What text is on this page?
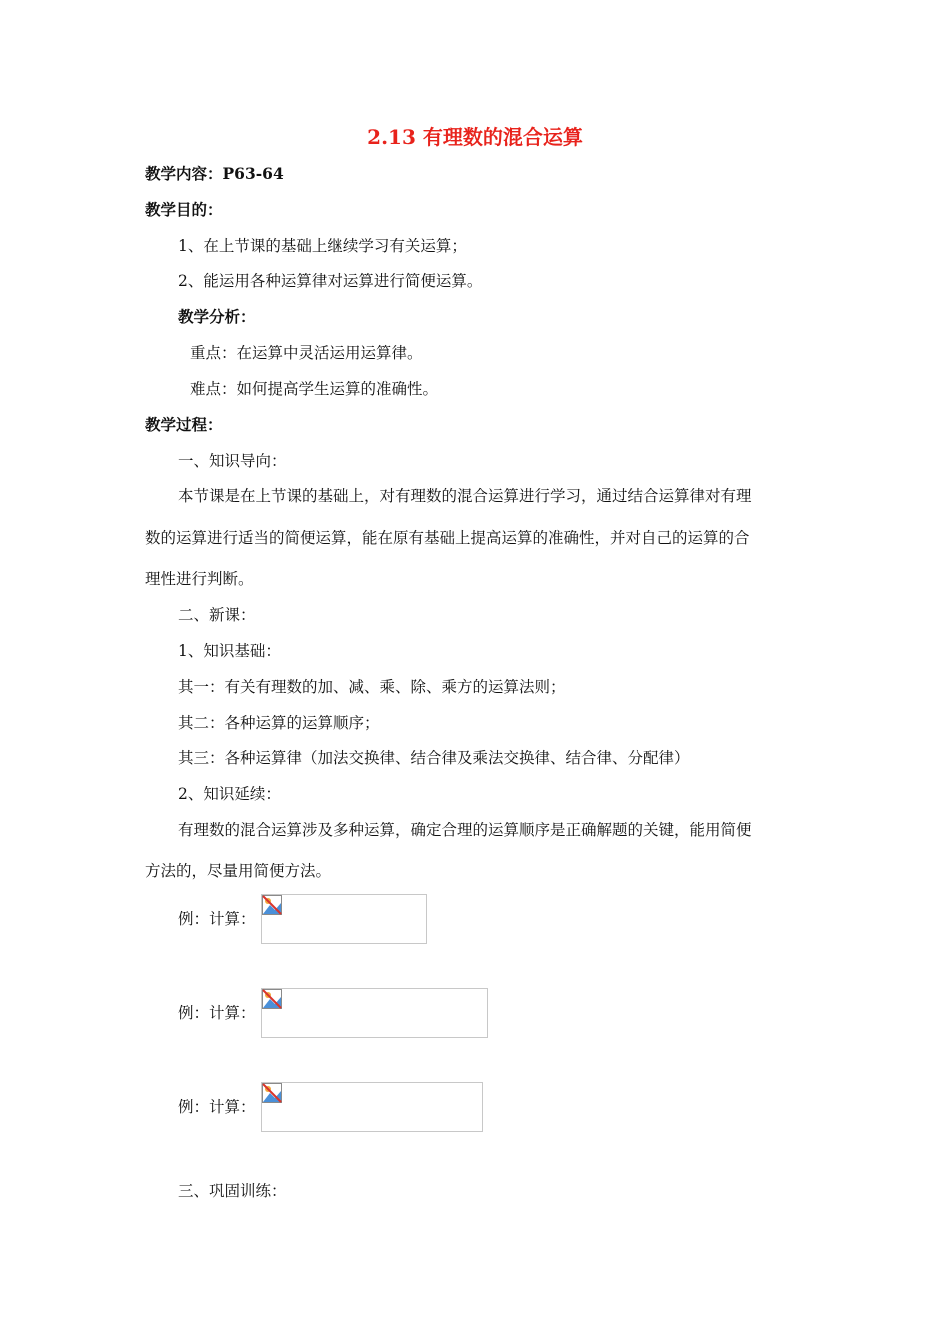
2.13 有理数的混合运算
教学内容：P63-64
教学目的：
1、在上节课的基础上继续学习有关运算；
2、能运用各种运算律对运算进行简便运算。
教学分析：
重点：在运算中灵活运用运算律。
难点：如何提高学生运算的准确性。
教学过程：
一、知识导向：
本节课是在上节课的基础上，对有理数的混合运算进行学习，通过结合运算律对有理
数的运算进行适当的简便运算，能在原有基础上提高运算的准确性，并对自己的运算的合
理性进行判断。
二、新课：
1、知识基础：
其一：有关有理数的加、减、乘、除、乘方的运算法则；
其二：各种运算的运算顺序；
其三：各种运算律（加法交换律、结合律及乘法交换律、结合律、分配律）
2、知识延续：
有理数的混合运算涉及多种运算，确定合理的运算顺序是正确解题的关键，能用简便
方法的，尽量用简便方法。
例：计算：
例：计算：
例：计算：
三、巩固训练：
